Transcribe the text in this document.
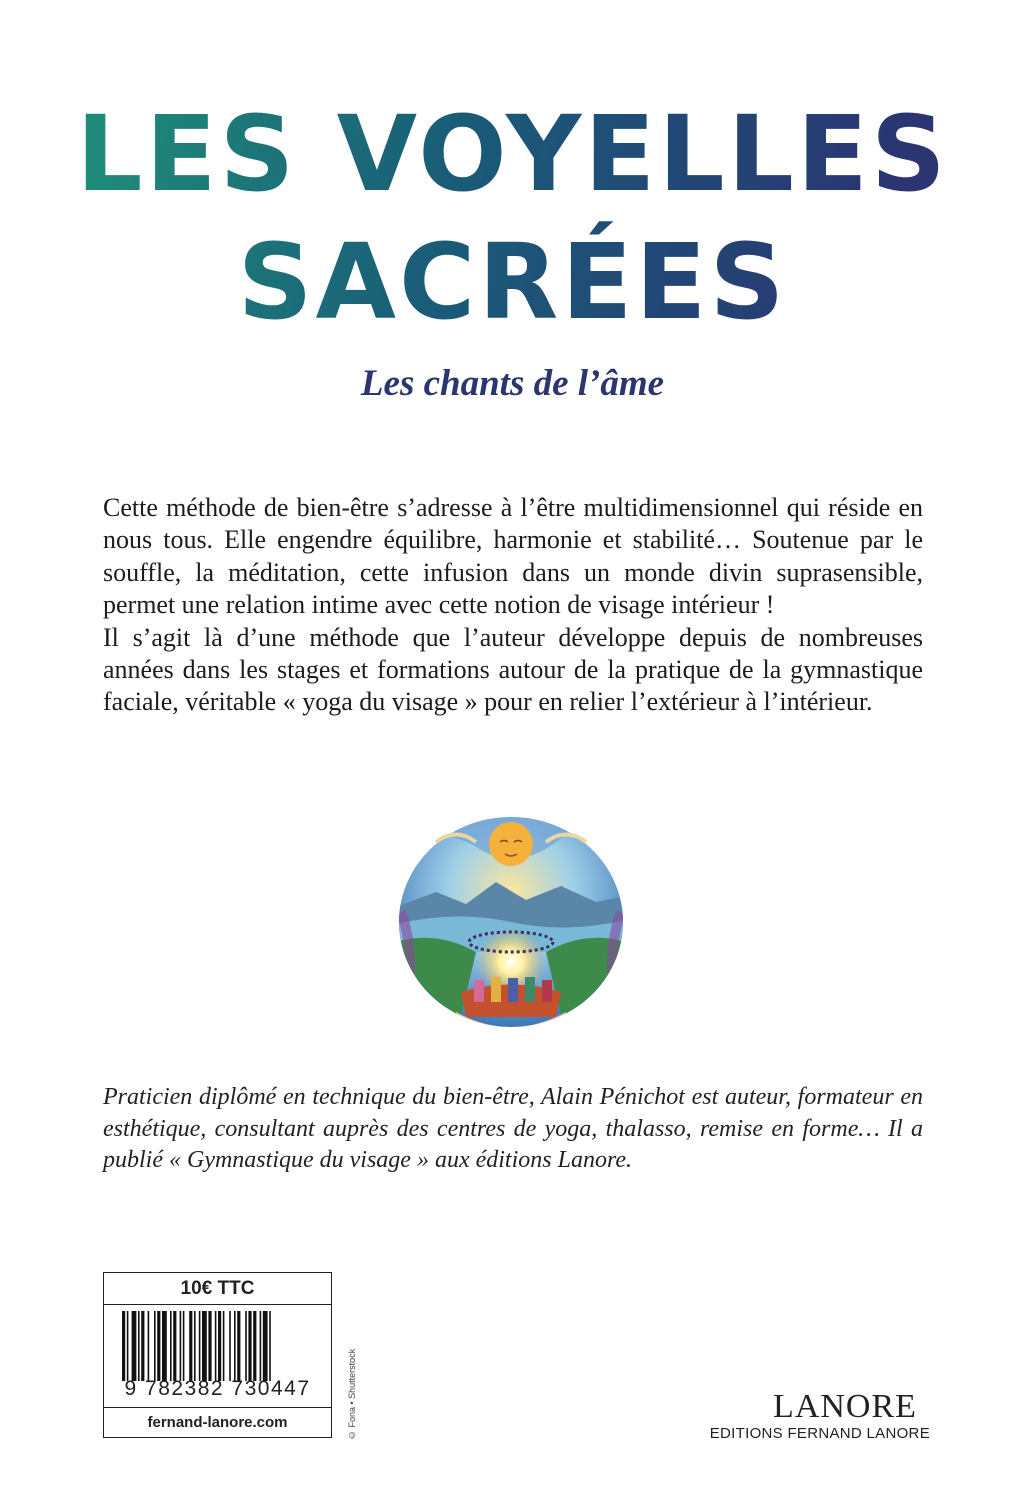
LES VOYELLES
SACRÉES
Les chants de l’âme

Cette méthode de bien-être s’adresse à l’être multidimensionnel qui réside en nous tous. Elle engendre équilibre, harmonie et stabilité… Soutenue par le souffle, la méditation, cette infusion dans un monde divin suprasensible, permet une relation intime avec cette notion de visage intérieur !

Il s’agit là d’une méthode que l’auteur développe depuis de nombreuses années dans les stages et formations autour de la pratique de la gymnastique faciale, véritable « yoga du visage » pour en relier l’extérieur à l’intérieur.

Praticien diplômé en technique du bien-être, Alain Pénichot est auteur, formateur en esthétique, consultant auprès des centres de yoga, thalasso, remise en forme… Il a publié « Gymnastique du visage » aux éditions Lanore.
10€ TTC
9 782382 730447
fernand-lanore.com	© Fona • Shutterstock	LANORE
EDITIONS FERNAND LANORE
